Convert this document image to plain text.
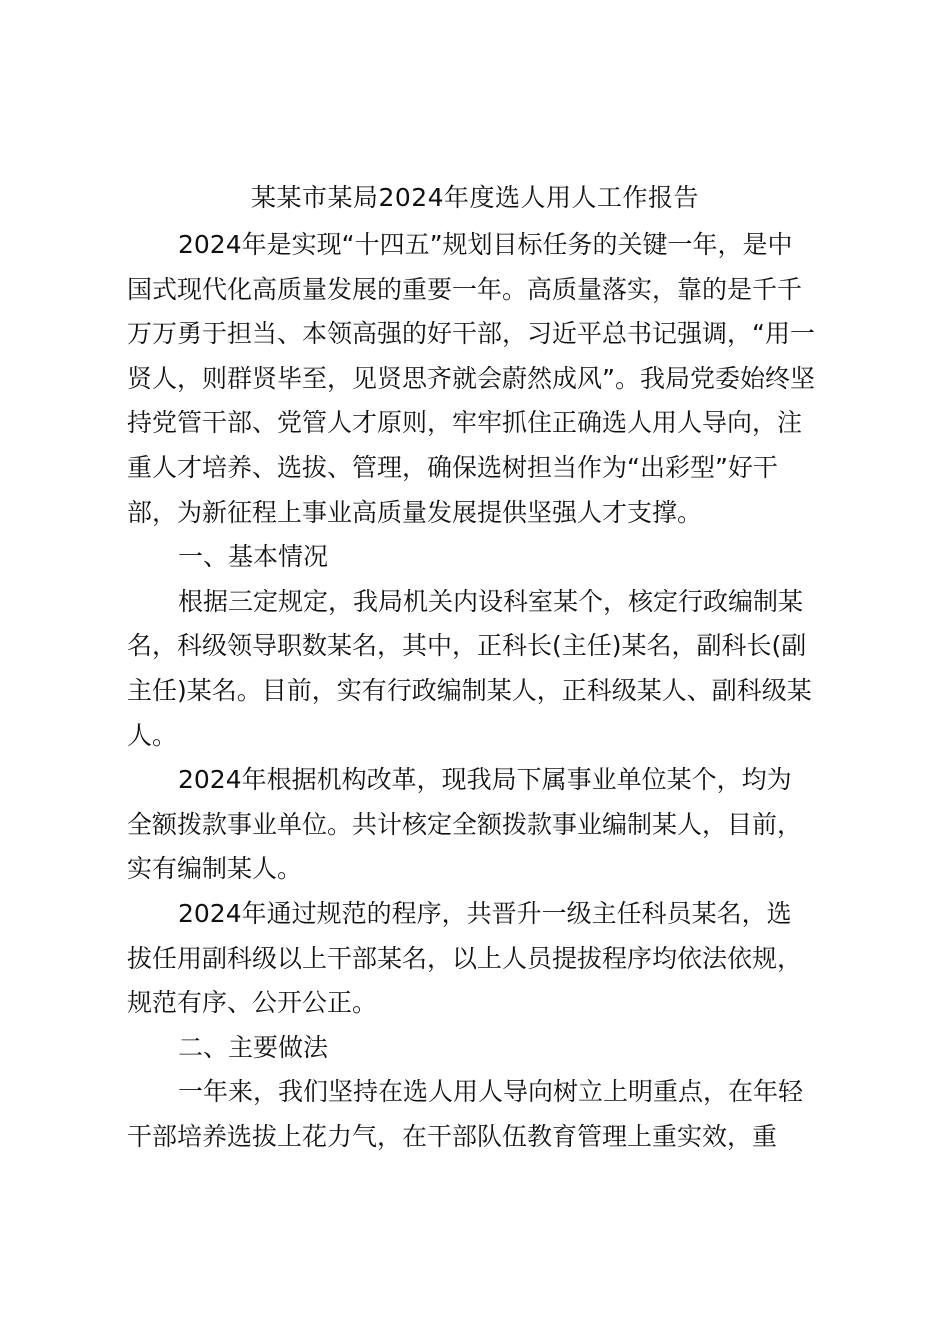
某某市某局2024年度选人用人工作报告
2024年是实现“十四五”规划目标任务的关键一年，是中
国式现代化高质量发展的重要一年。高质量落实，靠的是千千
万万勇于担当、本领高强的好干部，习近平总书记强调，“用一
贤人，则群贤毕至，见贤思齐就会蔚然成风”。我局党委始终坚
持党管干部、党管人才原则，牢牢抓住正确选人用人导向，注
重人才培养、选拔、管理，确保选树担当作为“出彩型”好干
部，为新征程上事业高质量发展提供坚强人才支撑。
一、基本情况
根据三定规定，我局机关内设科室某个，核定行政编制某
名，科级领导职数某名，其中，正科长(主任)某名，副科长(副
主任)某名。目前，实有行政编制某人，正科级某人、副科级某
人。
2024年根据机构改革，现我局下属事业单位某个，均为
全额拨款事业单位。共计核定全额拨款事业编制某人，目前，
实有编制某人。
2024年通过规范的程序，共晋升一级主任科员某名，选
拔任用副科级以上干部某名，以上人员提拔程序均依法依规，
规范有序、公开公正。
二、主要做法
一年来，我们坚持在选人用人导向树立上明重点，在年轻
干部培养选拔上花力气，在干部队伍教育管理上重实效，重
